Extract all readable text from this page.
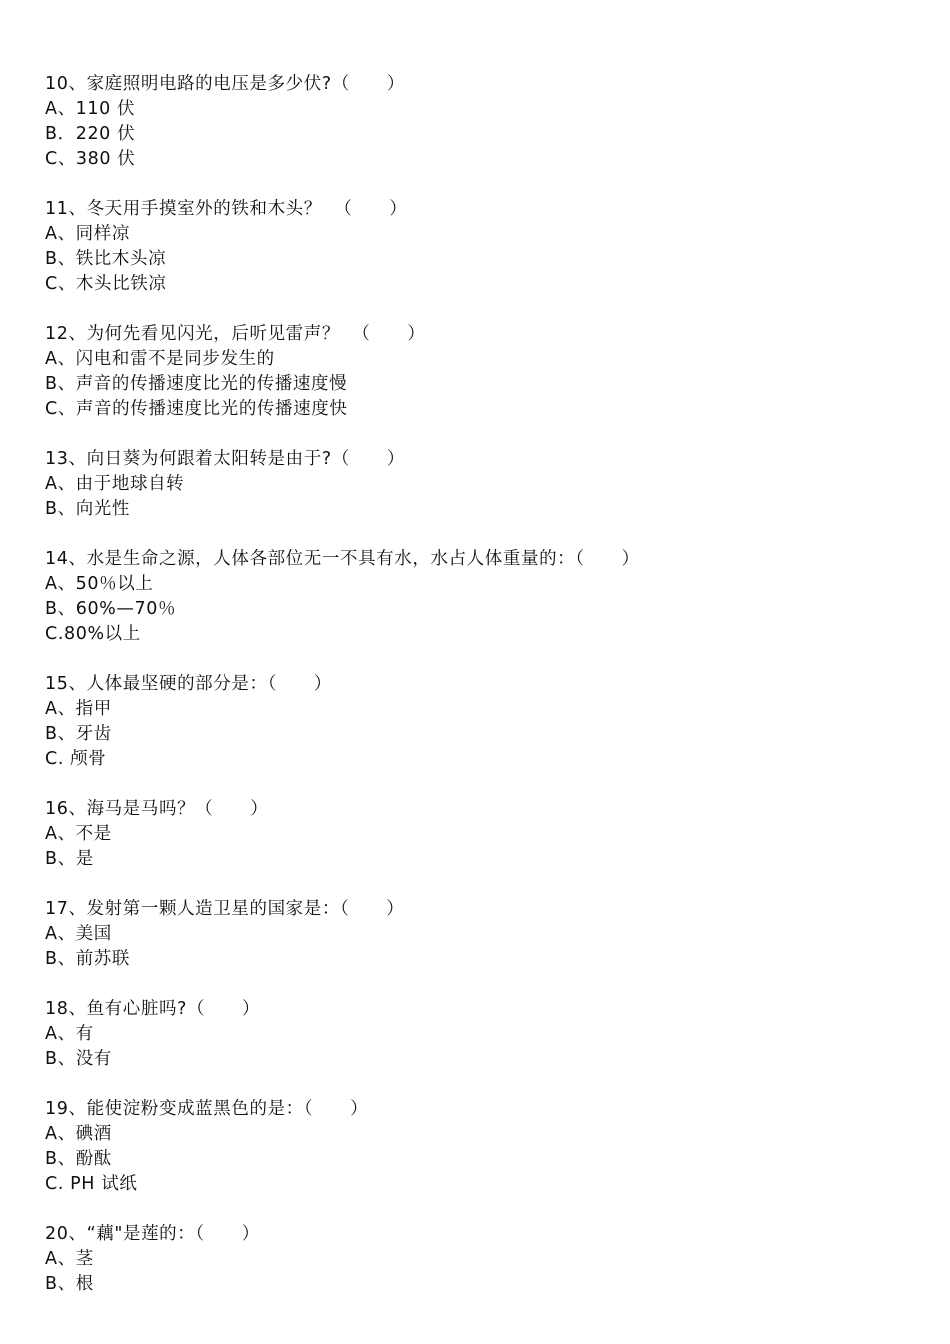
10、家庭照明电路的电压是多少伏?（      ）
A、110 伏
B．220 伏
C、380 伏
11、冬天用手摸室外的铁和木头？  （      ）
A、同样凉
B、铁比木头凉
C、木头比铁凉
12、为何先看见闪光，后听见雷声？  （      ）
A、闪电和雷不是同步发生的
B、声音的传播速度比光的传播速度慢
C、声音的传播速度比光的传播速度快
13、向日葵为何跟着太阳转是由于?（      ）
A、由于地球自转
B、向光性
14、水是生命之源，人体各部位无一不具有水，水占人体重量的：（      ）
A、50％以上
B、60%—70％
C.80%以上
15、人体最坚硬的部分是：（      ）
A、指甲
B、牙齿
C. 颅骨
16、海马是马吗？（      ）
A、不是
B、是
17、发射第一颗人造卫星的国家是：（      ）
A、美国
B、前苏联
18、鱼有心脏吗?（      ）
A、有
B、没有
19、能使淀粉变成蓝黑色的是：（      ）
A、碘酒
B、酚酞
C. PH 试纸
20、“藕"是莲的：（      ）
A、茎
B、根
